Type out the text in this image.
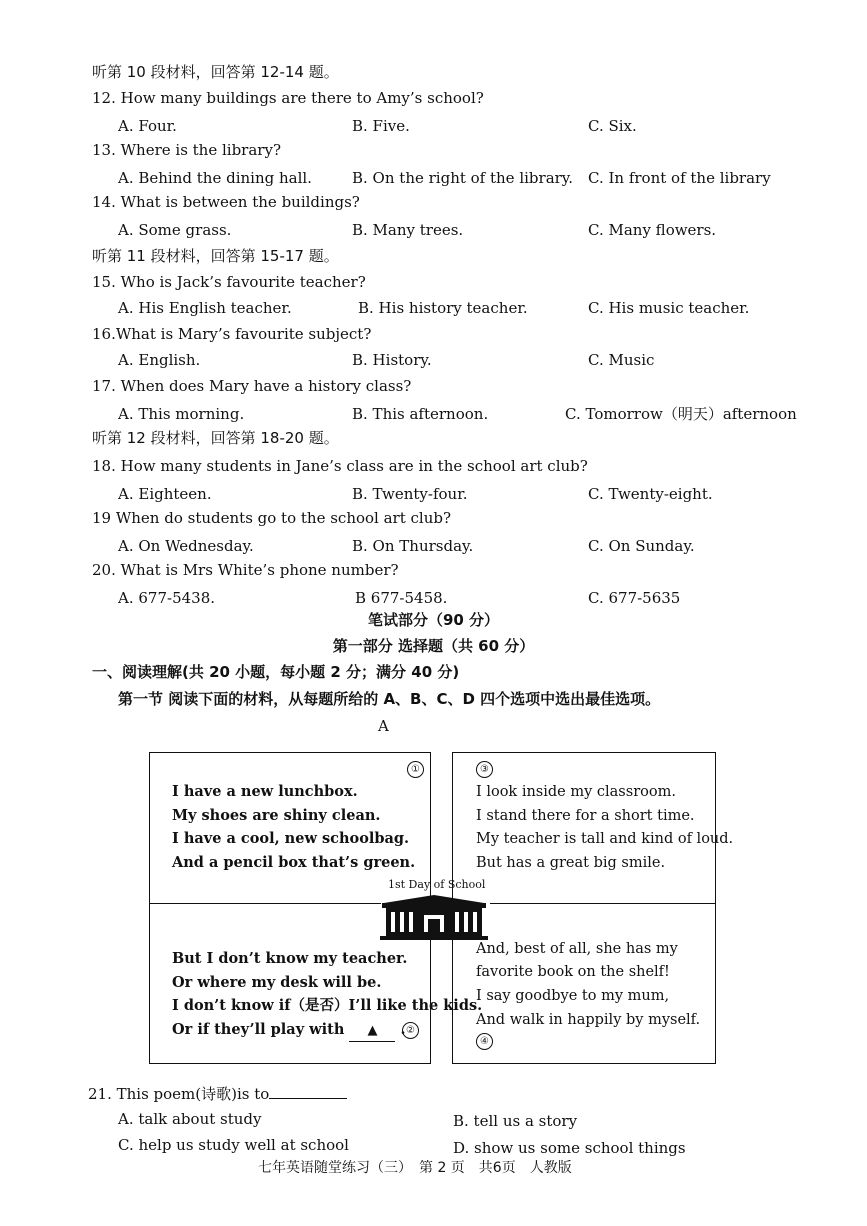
听第 10 段材料，回答第 12-14 题。
12. How many buildings are there to Amy’s school?
A. Four.	B. Five.	C. Six.
13. Where is the library?
A. Behind the dining hall.	B. On the right of the library. C. In front of the library
14. What is between the buildings?
A. Some grass.	B. Many trees.	C. Many flowers.
15. Who is Jack’s favourite teacher?
A. His English teacher.	B. His history teacher.	C. His music teacher.
16.What is Mary’s favourite subject?
A. English.	B. History.	C. Music
17. When does Mary have a history class?
A. This morning.	B. This afternoon.	C. Tomorrow（明天）afternoon
18. How many students in Jane’s class are in the school art club?
A. Eighteen.	B. Twenty-four.	C. Twenty-eight.
19 When do students go to the school art club?
A. On Wednesday.	B. On Thursday.	C. On Sunday.
20. What is Mrs White’s phone number?
A. 677-5438.	B 677-5458.	C. 677-5635
听第 11 段材料，回答第 15-17 题。
听第 12 段材料，回答第 18-20 题。
笔试部分（90 分）
第一部分 选择题（共 60 分）
一、阅读理解(共 20 小题，每小题 2 分；满分 40 分)
第一节 阅读下面的材料，从每题所给的 A、B、C、D 四个选项中选出最佳选项。
A
1st Day of School
①
I have a new lunchbox.
My shoes are shiny clean.
I have a cool, new schoolbag.
And a pencil box that’s green.
③
I look inside my classroom.
I stand there for a short time.
My teacher is tall and kind of loud.
But has a great big smile.
But I don’t know my teacher.
Or where my desk will be.
I don’t know if（是否）I’ll like the kids.
Or if they’ll play with ▲ . ②
And, best of all, she has my
favorite book on the shelf!
I say goodbye to my mum,
And walk in happily by myself.
④
21. This poem(诗歌)is to
A. talk about study	B. tell us a story
C. help us study well at school	D. show us some school things
七年英语随堂练习（三）　第 2 页　共6页　人教版
